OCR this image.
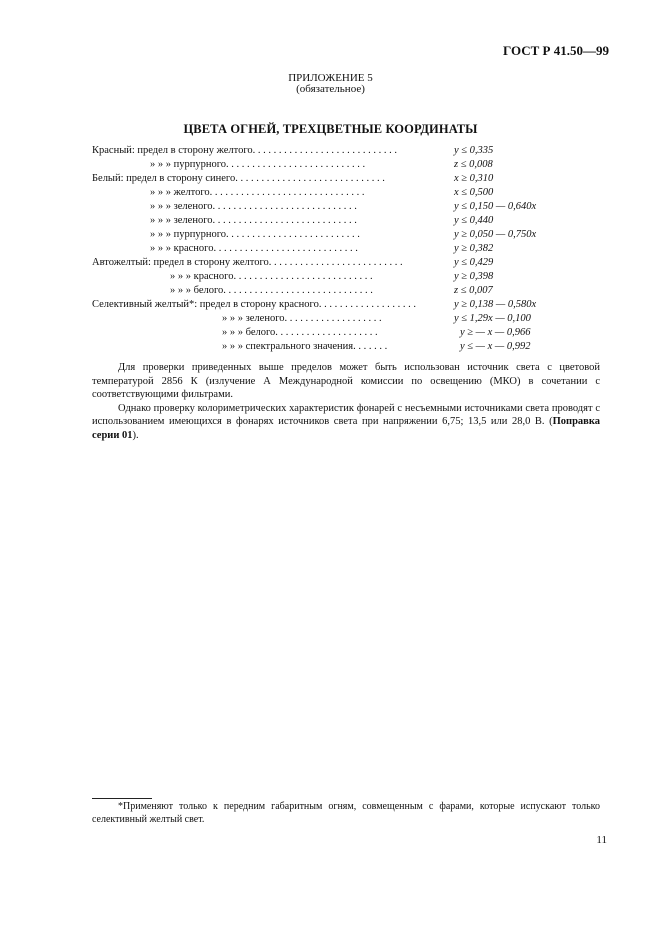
ГОСТ Р 41.50—99
ПРИЛОЖЕНИЕ 5
(обязательное)
ЦВЕТА ОГНЕЙ, ТРЕХЦВЕТНЫЕ КООРДИНАТЫ
Красный: предел в сторону желтого. . . . . . . . . . . . . . . . . . . . . . . . . . . .	y ≤ 0,335
» » » пурпурного. . . . . . . . . . . . . . . . . . . . . . . . . . .	z ≤ 0,008
Белый: предел в сторону синего. . . . . . . . . . . . . . . . . . . . . . . . . . . . .	x ≥ 0,310
» » » желтого. . . . . . . . . . . . . . . . . . . . . . . . . . . . . .	x ≤ 0,500
» » » зеленого. . . . . . . . . . . . . . . . . . . . . . . . . . . .	y ≤ 0,150 — 0,640x
» » » зеленого. . . . . . . . . . . . . . . . . . . . . . . . . . . .	y ≤ 0,440
» » » пурпурного. . . . . . . . . . . . . . . . . . . . . . . . . .	y ≥ 0,050 — 0,750x
» » » красного. . . . . . . . . . . . . . . . . . . . . . . . . . . .	y ≥ 0,382
Автожелтый: предел в сторону желтого. . . . . . . . . . . . . . . . . . . . . . . . . .	y ≤ 0,429
» » » красного. . . . . . . . . . . . . . . . . . . . . . . . . . .	y ≥ 0,398
» » » белого. . . . . . . . . . . . . . . . . . . . . . . . . . . . .	z ≤ 0,007
Селективный желтый*: предел в сторону красного. . . . . . . . . . . . . . . . . . .	y ≥ 0,138 — 0,580x
» » » зеленого. . . . . . . . . . . . . . . . . . .	y ≤ 1,29x — 0,100
» » » белого. . . . . . . . . . . . . . . . . . . .	y ≥ — x — 0,966
» » » спектрального значения. . . . . . .	y ≤ — x — 0,992

Для проверки приведенных выше пределов может быть использован источник света с цветовой температурой 2856 К (излучение А Международной комиссии по освещению (МКО) в сочетании с соответствующими фильтрами.

Однако проверку колориметрических характеристик фонарей с несъемными источниками света проводят с использованием имеющихся в фонарях источников света при напряжении 6,75; 13,5 или 28,0 В. (Поправка серии 01).

*Применяют только к передним габаритным огням, совмещенным с фарами, которые испускают только селективный желтый свет.
11
